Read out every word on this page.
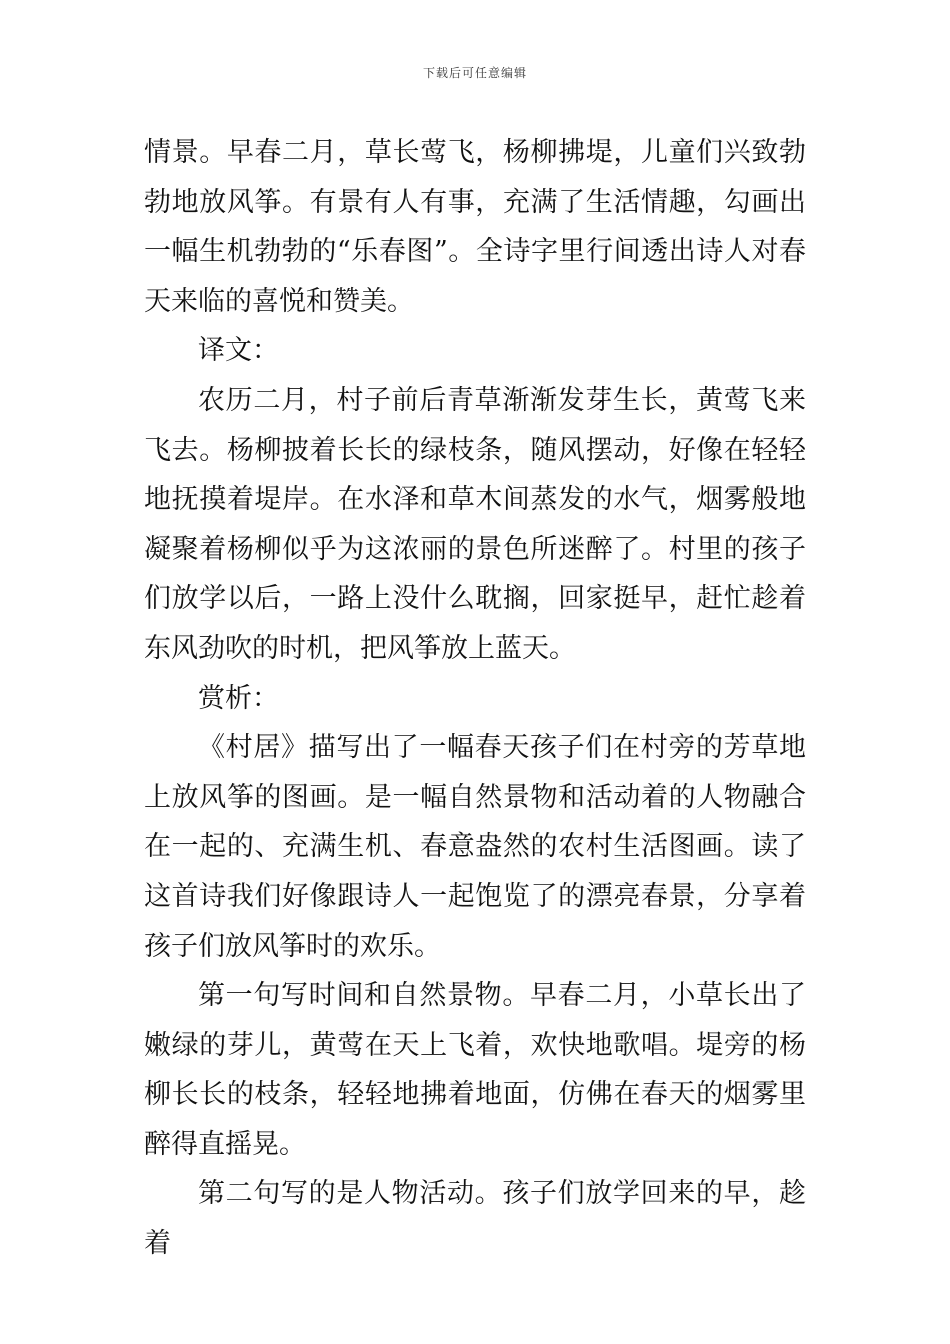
下载后可任意编辑

情景。早春二月，草长莺飞，杨柳拂堤，儿童们兴致勃勃地放风筝。有景有人有事，充满了生活情趣，勾画出一幅生机勃勃的“乐春图”。全诗字里行间透出诗人对春天来临的喜悦和赞美。

译文：

农历二月，村子前后青草渐渐发芽生长，黄莺飞来飞去。杨柳披着长长的绿枝条，随风摆动，好像在轻轻地抚摸着堤岸。在水泽和草木间蒸发的水气，烟雾般地凝聚着杨柳似乎为这浓丽的景色所迷醉了。村里的孩子们放学以后，一路上没什么耽搁，回家挺早，赶忙趁着东风劲吹的时机，把风筝放上蓝天。

赏析：

《村居》描写出了一幅春天孩子们在村旁的芳草地上放风筝的图画。是一幅自然景物和活动着的人物融合在一起的、充满生机、春意盎然的农村生活图画。读了这首诗我们好像跟诗人一起饱览了的漂亮春景，分享着孩子们放风筝时的欢乐。

第一句写时间和自然景物。早春二月，小草长出了嫩绿的芽儿，黄莺在天上飞着，欢快地歌唱。堤旁的杨柳长长的枝条，轻轻地拂着地面，仿佛在春天的烟雾里醉得直摇晃。

第二句写的是人物活动。孩子们放学回来的早，趁着
